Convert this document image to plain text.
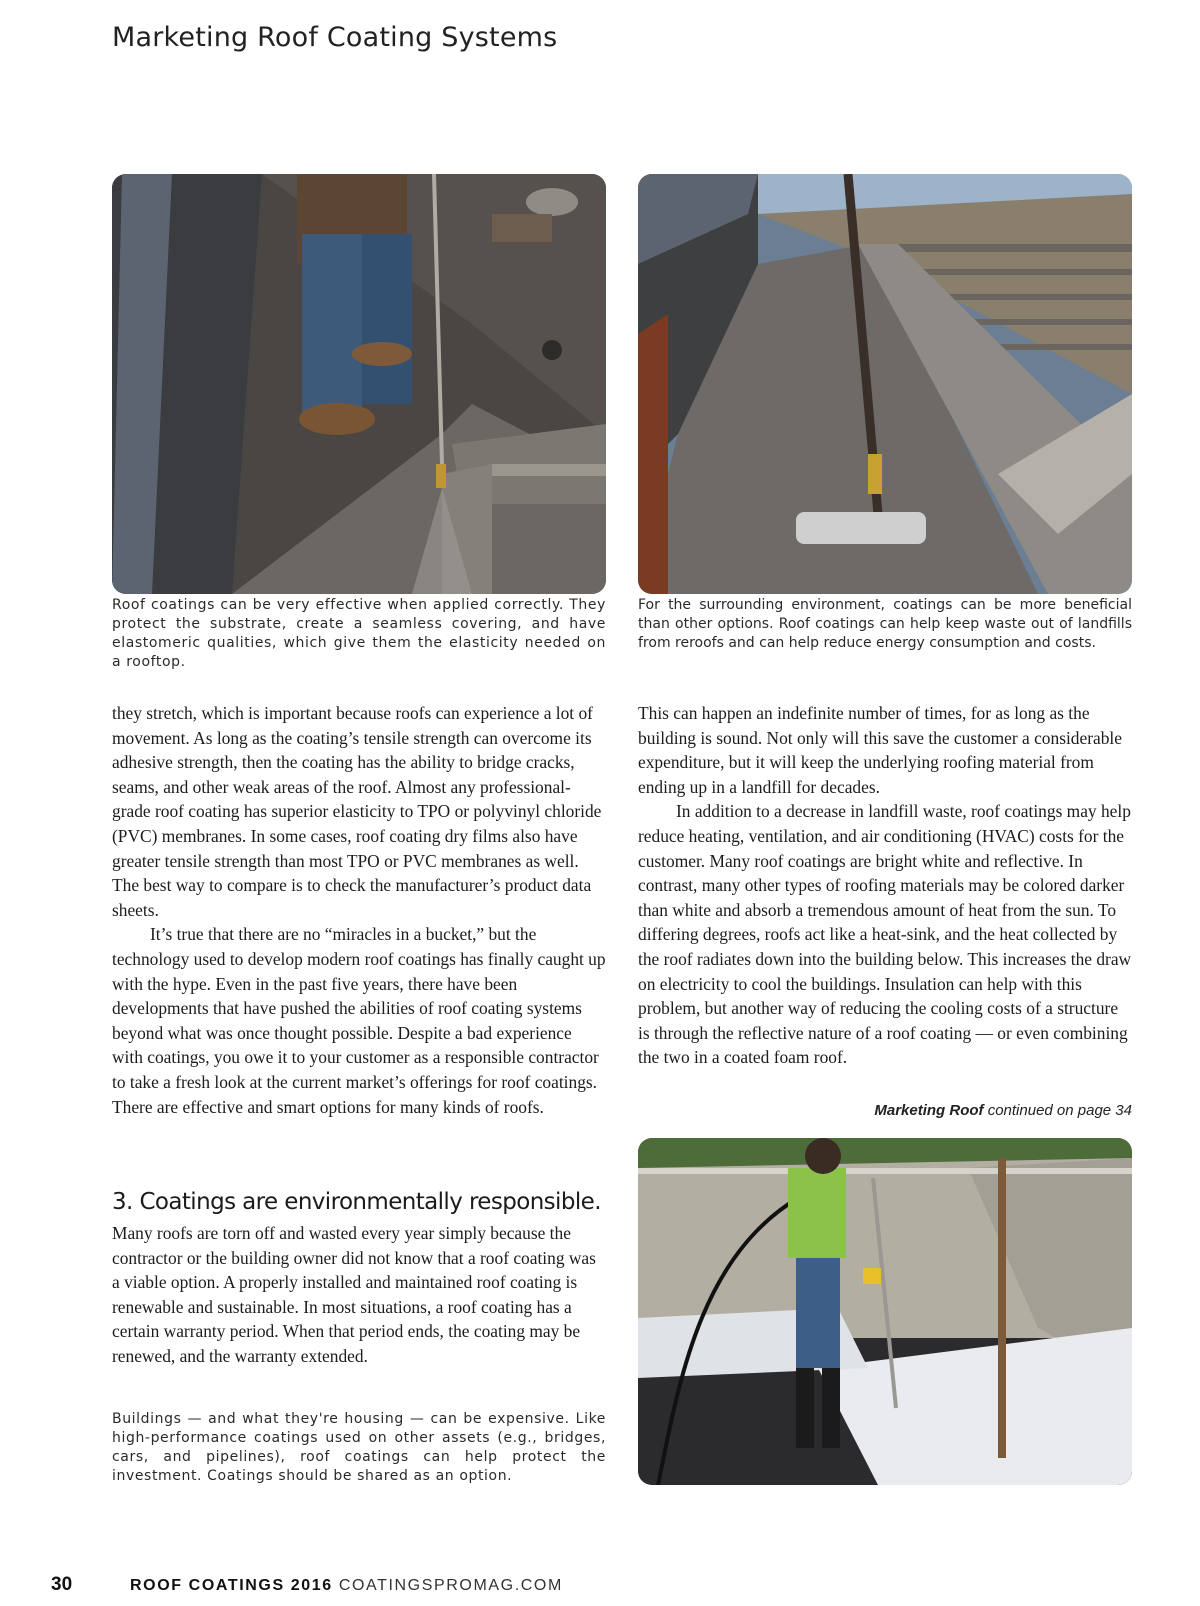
Marketing Roof Coating Systems
Roof coatings can be very effective when applied correctly. They protect the substrate, create a seamless covering, and have elastomeric qualities, which give them the elasticity needed on a rooftop.
For the surrounding environment, coatings can be more beneficial than other options. Roof coatings can help keep waste out of landfills from reroofs and can help reduce energy consumption and costs.

they stretch, which is important because roofs can experience a lot of movement. As long as the coating’s tensile strength can overcome its adhesive strength, then the coating has the ability to bridge cracks, seams, and other weak areas of the roof. Almost any professional-grade roof coating has superior elasticity to TPO or polyvinyl chloride (PVC) membranes. In some cases, roof coating dry films also have greater tensile strength than most TPO or PVC membranes as well. The best way to compare is to check the manufacturer’s product data sheets.

It’s true that there are no “miracles in a bucket,” but the technology used to develop modern roof coatings has finally caught up with the hype. Even in the past five years, there have been developments that have pushed the abilities of roof coating systems beyond what was once thought possible. Despite a bad experience with coatings, you owe it to your customer as a responsible contractor to take a fresh look at the current market’s offerings for roof coatings. There are effective and smart options for many kinds of roofs.

3. Coatings are environmentally responsible.

Many roofs are torn off and wasted every year simply because the contractor or the building owner did not know that a roof coating was a viable option. A properly installed and maintained roof coating is renewable and sustainable. In most situations, a roof coating has a certain warranty period. When that period ends, the coating may be renewed, and the warranty extended.

Buildings — and what they're housing — can be expensive. Like high-performance coatings used on other assets (e.g., bridges, cars, and pipelines), roof coatings can help protect the investment. Coatings should be shared as an option.

This can happen an indefinite number of times, for as long as the building is sound. Not only will this save the customer a considerable expenditure, but it will keep the underlying roofing material from ending up in a landfill for decades.

In addition to a decrease in landfill waste, roof coatings may help reduce heating, ventilation, and air conditioning (HVAC) costs for the customer. Many roof coatings are bright white and reflective. In contrast, many other types of roofing materials may be colored darker than white and absorb a tremendous amount of heat from the sun. To differing degrees, roofs act like a heat-sink, and the heat collected by the roof radiates down into the building below. This increases the draw on electricity to cool the buildings. Insulation can help with this problem, but another way of reducing the cooling costs of a structure is through the reflective nature of a roof coating — or even combining the two in a coated foam roof.

Marketing Roof continued on page 34
30	ROOF COATINGS 2016 COATINGSPROMAG.COM
